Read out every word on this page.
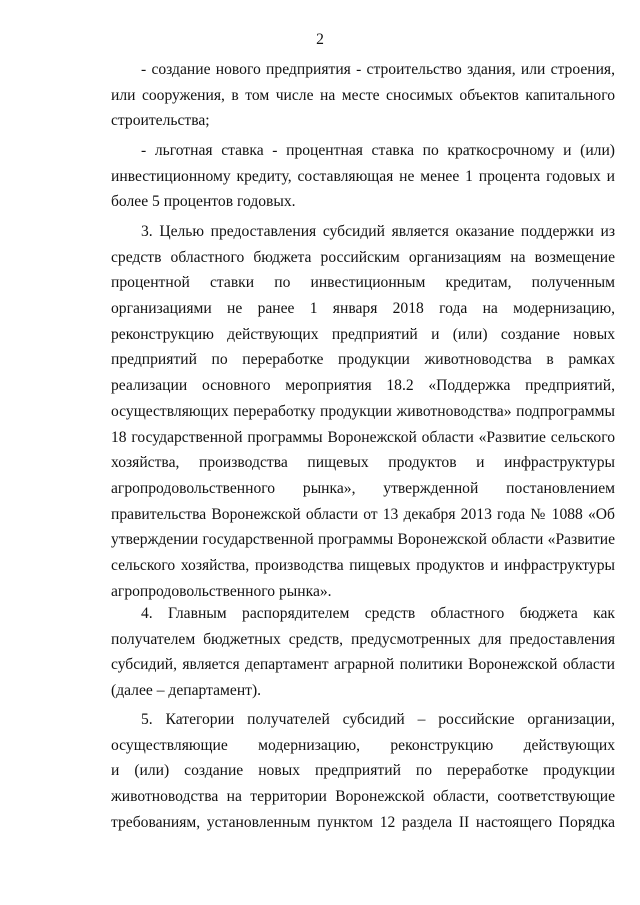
2
- создание нового предприятия - строительство здания, или строения,
или сооружения, в том числе на месте сносимых объектов капитального
строительства;
- льготная ставка - процентная ставка по краткосрочному и (или)
инвестиционному кредиту, составляющая не менее 1 процента годовых и
более 5 процентов годовых.
3. Целью предоставления субсидий является оказание поддержки из
средств областного бюджета российским организациям на возмещение
процентной ставки по инвестиционным кредитам, полученным
организациями не ранее 1 января 2018 года на модернизацию,
реконструкцию действующих предприятий и (или) создание новых
предприятий по переработке продукции животноводства в рамках
реализации основного мероприятия 18.2 «Поддержка предприятий,
осуществляющих переработку продукции животноводства» подпрограммы
18 государственной программы Воронежской области «Развитие сельского
хозяйства, производства пищевых продуктов и инфраструктуры
агропродовольственного рынка», утвержденной постановлением
правительства Воронежской области от 13 декабря 2013 года № 1088 «Об
утверждении государственной программы Воронежской области «Развитие
сельского хозяйства, производства пищевых продуктов и инфраструктуры
агропродовольственного рынка».
4. Главным распорядителем средств областного бюджета как
получателем бюджетных средств, предусмотренных для предоставления
субсидий, является департамент аграрной политики Воронежской области
(далее – департамент).
5. Категории получателей субсидий – российские организации,
осуществляющие модернизацию, реконструкцию действующих
и (или) создание новых предприятий по переработке продукции
животноводства на территории Воронежской области, соответствующие
требованиям, установленным пунктом 12 раздела II настоящего Порядка
